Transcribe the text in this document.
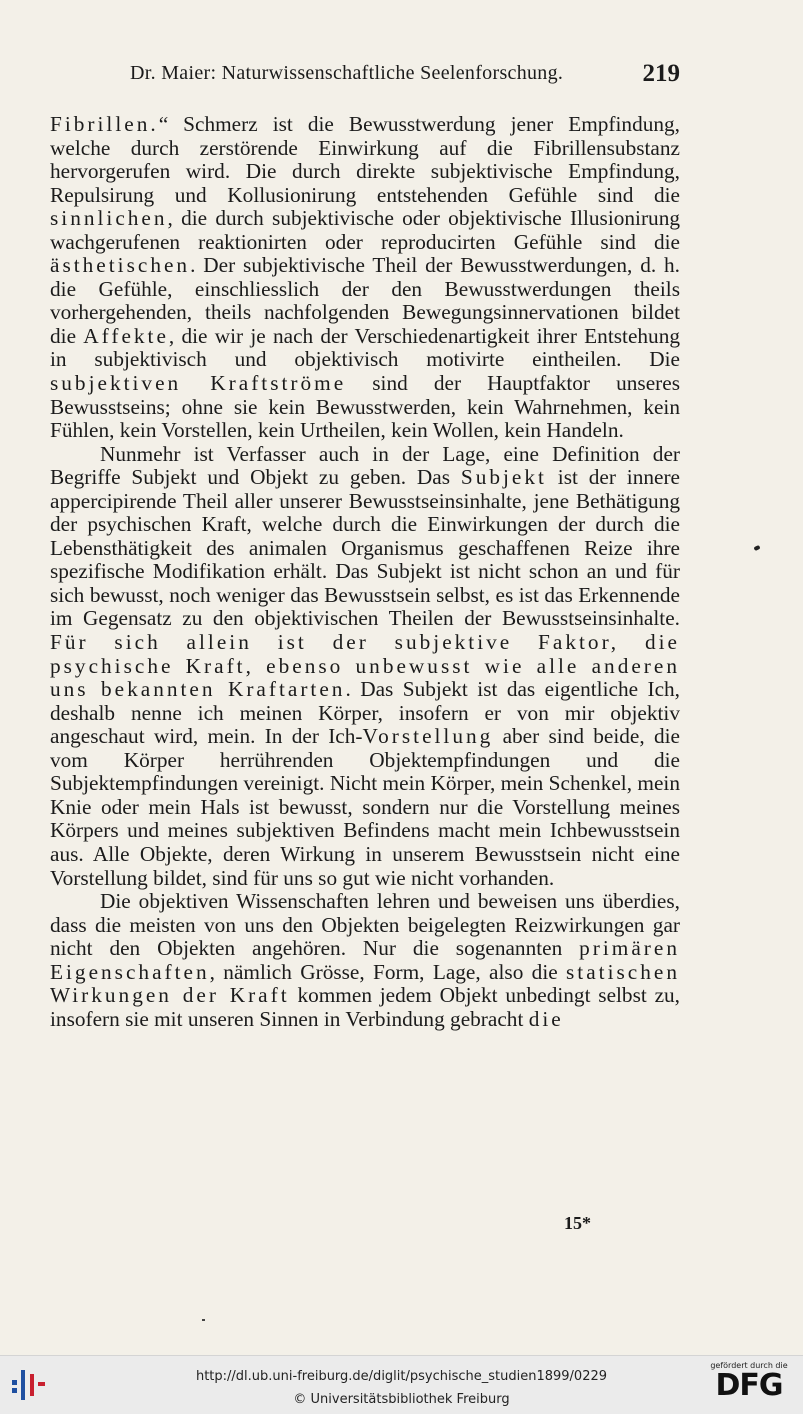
Dr. Maier: Naturwissenschaftliche Seelenforschung.	219

Fibrillen.“ Schmerz ist die Bewusstwerdung jener Empfindung, welche durch zerstörende Einwirkung auf die Fibrillensubstanz hervorgerufen wird. Die durch direkte subjektivische Empfindung, Repulsirung und Kollusionirung entstehenden Gefühle sind die sinnlichen, die durch subjektivische oder objektivische Illusionirung wachgerufenen reaktionirten oder reproducirten Gefühle sind die ästhetischen. Der subjektivische Theil der Bewusstwerdungen, d. h. die Gefühle, einschliesslich der den Bewusstwerdungen theils vorhergehenden, theils nachfolgenden Bewegungsinnervationen bildet die Affekte, die wir je nach der Verschiedenartigkeit ihrer Entstehung in subjektivisch und objektivisch motivirte eintheilen. Die subjektiven Kraftströme sind der Hauptfaktor unseres Bewusstseins; ohne sie kein Bewusstwerden, kein Wahrnehmen, kein Fühlen, kein Vorstellen, kein Urtheilen, kein Wollen, kein Handeln.

Nunmehr ist Verfasser auch in der Lage, eine Definition der Begriffe Subjekt und Objekt zu geben. Das Subjekt ist der innere appercipirende Theil aller unserer Bewusstseinsinhalte, jene Bethätigung der psychischen Kraft, welche durch die Einwirkungen der durch die Lebensthätigkeit des animalen Organismus geschaffenen Reize ihre spezifische Modifikation erhält. Das Subjekt ist nicht schon an und für sich bewusst, noch weniger das Bewusstsein selbst, es ist das Erkennende im Gegensatz zu den objektivischen Theilen der Bewusstseinsinhalte. Für sich allein ist der subjektive Faktor, die psychische Kraft, ebenso unbewusst wie alle anderen uns bekannten Kraftarten. Das Subjekt ist das eigentliche Ich, deshalb nenne ich meinen Körper, insofern er von mir objektiv angeschaut wird, mein. In der Ich-Vorstellung aber sind beide, die vom Körper herrührenden Objektempfindungen und die Subjektempfindungen vereinigt. Nicht mein Körper, mein Schenkel, mein Knie oder mein Hals ist bewusst, sondern nur die Vorstellung meines Körpers und meines subjektiven Befindens macht mein Ichbewusstsein aus. Alle Objekte, deren Wirkung in unserem Bewusstsein nicht eine Vorstellung bildet, sind für uns so gut wie nicht vorhanden.

Die objektiven Wissenschaften lehren und beweisen uns überdies, dass die meisten von uns den Objekten beigelegten Reizwirkungen gar nicht den Objekten angehören. Nur die sogenannten primären Eigenschaften, nämlich Grösse, Form, Lage, also die statischen Wirkungen der Kraft kommen jedem Objekt unbedingt selbst zu, insofern sie mit unseren Sinnen in Verbindung gebracht die

15*
http://dl.ub.uni-freiburg.de/diglit/psychische_studien1899/0229
© Universitätsbibliothek Freiburg
gefördert durch die
DFG
